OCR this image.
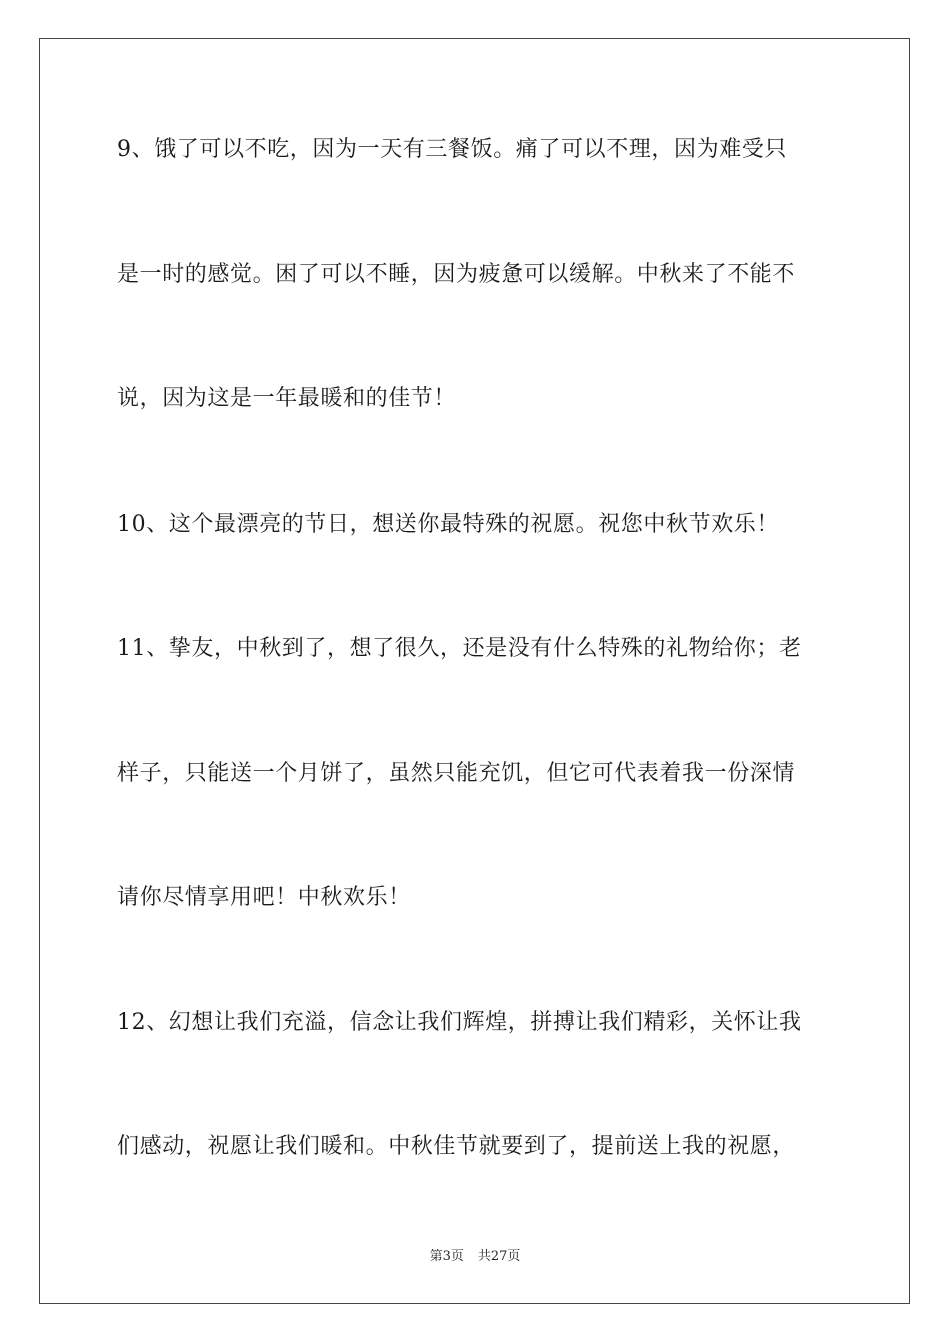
9、饿了可以不吃，因为一天有三餐饭。痛了可以不理，因为难受只
是一时的感觉。困了可以不睡，因为疲惫可以缓解。中秋来了不能不
说，因为这是一年最暖和的佳节！
10、这个最漂亮的节日，想送你最特殊的祝愿。祝您中秋节欢乐！
11、挚友，中秋到了，想了很久，还是没有什么特殊的礼物给你；老
样子，只能送一个月饼了，虽然只能充饥，但它可代表着我一份深情
请你尽情享用吧！中秋欢乐！
12、幻想让我们充溢，信念让我们辉煌，拼搏让我们精彩，关怀让我
们感动，祝愿让我们暖和。中秋佳节就要到了，提前送上我的祝愿，
第3页 共27页
